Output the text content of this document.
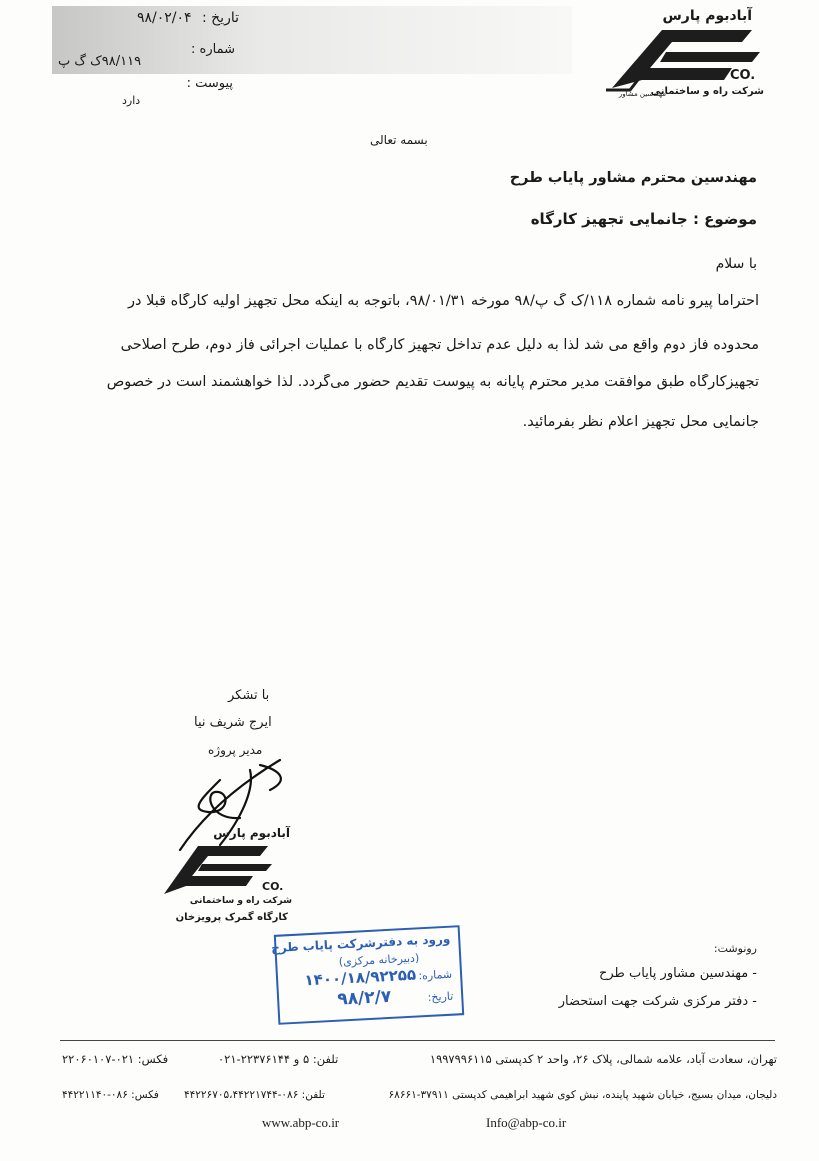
تاریخ : ۹۸/۰۲/۰۴
شماره :
۹۸/۱۱۹ک گ پ
پیوست :
دارد
آبادبوم پارس
CO.
شرکت راه و ساختمانی
مهندسین مشاور
بسمه تعالی
مهندسین محترم مشاور پایاب طرح
موضوع : جانمایی تجهیز کارگاه
با سلام
احتراماً پیرو نامه شماره ۱۱۸/ک گ پ/۹۸ مورخه ۹۸/۰۱/۳۱، باتوجه به اینکه محل تجهیز اولیه کارگاه قبلا در
محدوده فاز دوم واقع می شد لذا به دلیل عدم تداخل تجهیز کارگاه با عملیات اجرائی فاز دوم، طرح اصلاحی
تجهیزکارگاه طبق موافقت مدیر محترم پایانه به پیوست تقدیم حضور می‌گردد. لذا خواهشمند است در خصوص
جانمایی محل تجهیز اعلام نظر بفرمائید.
با تشکر
ایرج شریف نیا
مدیر پروژه
آبادبوم پارس
CO.
شرکت راه و ساختمانی
کارگاه گمرک پرویزخان
ورود به دفترشرکت پایاب طرح
(دبیرخانه مرکزی)
شماره:
۱۴۰۰/۱۸/۹۲۲۵۵
تاریخ:
۹۸/۲/۷
رونوشت:
- مهندسین مشاور پایاب طرح
- دفتر مرکزی شرکت جهت استحضار
تهران، سعادت آباد، علامه شمالی، پلاک ۲۶، واحد ۲ کدپستی ۱۹۹۷۹۹۶۱۱۵
تلفن: ۵ و ۲۲۳۷۶۱۴۴-۰۲۱
فکس: ۰۲۱-۲۲۰۶۰۱۰۷
دلیجان، میدان بسیج، خیابان شهید پاینده، نبش کوی شهید ابراهیمی کدپستی ۳۷۹۱۱-۶۸۶۶۱
تلفن: ۰۸۶-۴۴۲۲۶۷۰۵،۴۴۲۲۱۷۴۴
فکس: ۰۸۶-۴۴۲۲۱۱۴۰
www.abp-co.ir	Info@abp-co.ir
